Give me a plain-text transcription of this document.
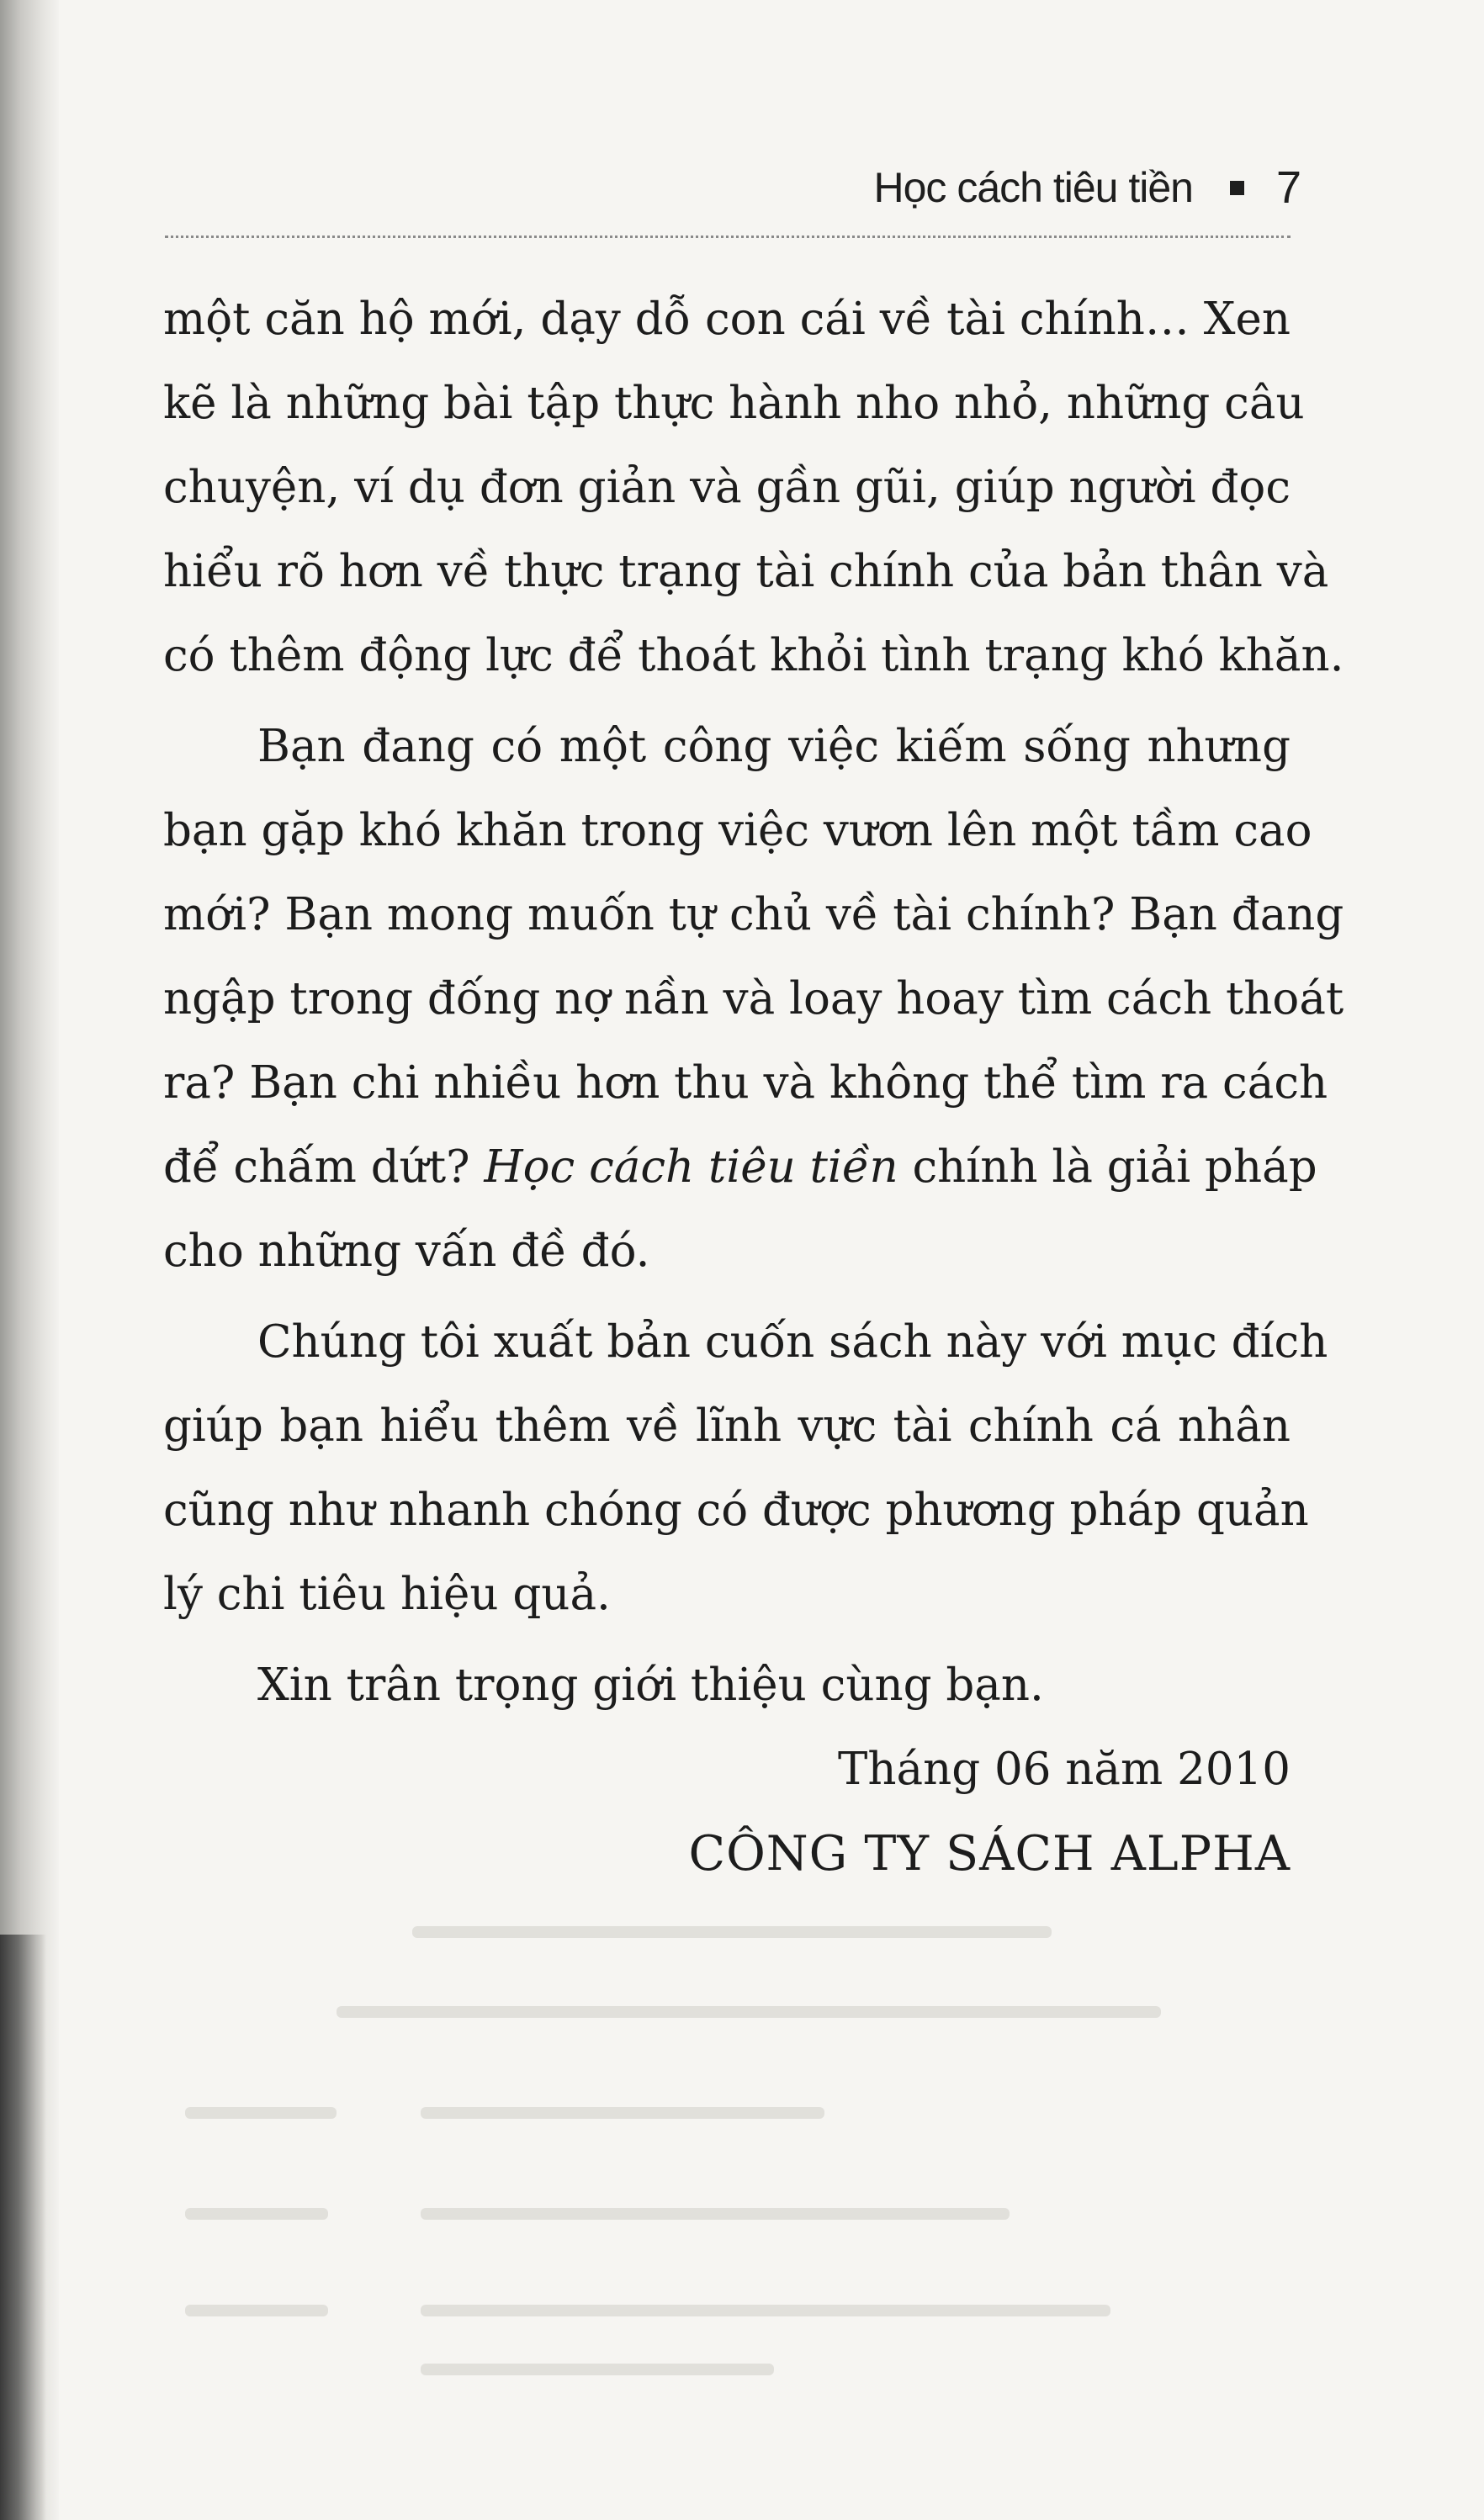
Học cách tiêu tiền 7
một căn hộ mới, dạy dỗ con cái về tài chính… Xen
kẽ là những bài tập thực hành nho nhỏ, những câu
chuyện, ví dụ đơn giản và gần gũi, giúp người đọc
hiểu rõ hơn về thực trạng tài chính của bản thân và
có thêm động lực để thoát khỏi tình trạng khó khăn.
Bạn đang có một công việc kiếm sống nhưng
bạn gặp khó khăn trong việc vươn lên một tầm cao
mới? Bạn mong muốn tự chủ về tài chính? Bạn đang
ngập trong đống nợ nần và loay hoay tìm cách thoát
ra? Bạn chi nhiều hơn thu và không thể tìm ra cách
để chấm dứt? Học cách tiêu tiền chính là giải pháp
cho những vấn đề đó.
Chúng tôi xuất bản cuốn sách này với mục đích
giúp bạn hiểu thêm về lĩnh vực tài chính cá nhân
cũng như nhanh chóng có được phương pháp quản
lý chi tiêu hiệu quả.
Xin trân trọng giới thiệu cùng bạn.
Tháng 06 năm 2010
CÔNG TY SÁCH ALPHA
